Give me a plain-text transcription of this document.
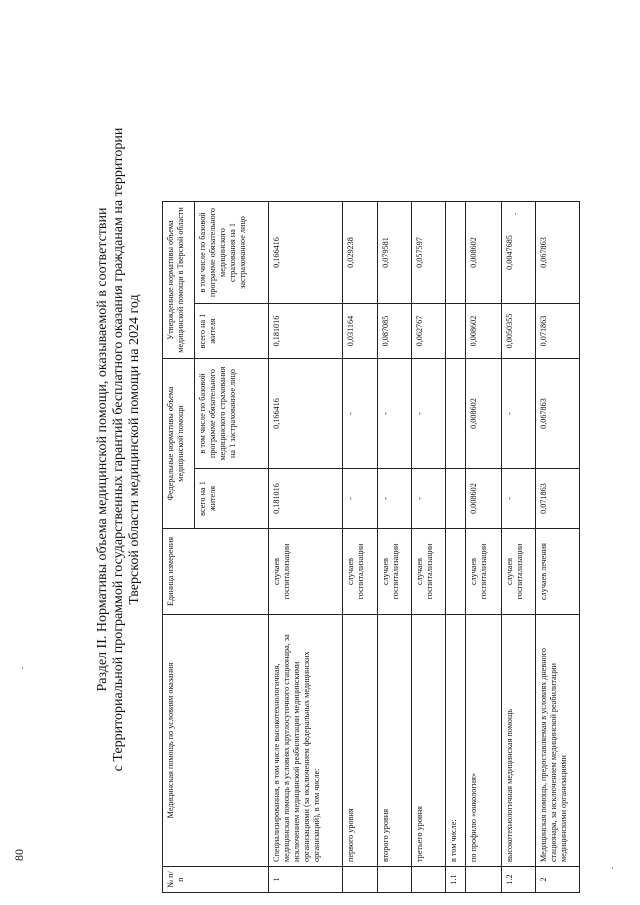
80
Раздел II. Нормативы объема медицинской помощи, оказываемой в соответствии с Территориальной программой государственных гарантий бесплатного оказания гражданам на территории Тверской области медицинской помощи на 2024 год
№ п/п	Медицинская помощь по условиям оказания	Единица измерения	Федеральные нормативы объема медицинской помощи		Утвержденные нормативы объема медицинской помощи в Тверской области	
			всего на 1 жителя	в том числе по базовой программе обязательного медицинского страхования на 1 застрахованное лицо	всего на 1 жителя	в том числе по базовой программе обязательного медицинского страхования на 1 застрахованное лицо
1	Специализированная, в том числе высокотехнологичная, медицинская помощь в условиях круглосуточного стационара, за исключением медицинской реабилитации медицинскими организациями (за исключением федеральных медицинских организаций), в том числе:	случаев госпитализации	0,181016	0,166416	0,181016	0,166416
	первого уровня	случаев госпитализации	-	-	0,031164	0,029238
	второго уровня	случаев госпитализации	-	-	0,087085	0,079581
	третьего уровня	случаев госпитализации	-	-	0,062767	0,057597
1.1	в том числе:					
	по профилю «онкология»	случаев госпитализации	0,008602	0,008602	0,008602	0,008602
1.2	высокотехнологичная медицинская помощь	случаев госпитализации	-	-	0,0050355	0,0047685
2	Медицинская помощь, предоставляемая в условиях дневного стационара, за исключением медицинской реабилитации медицинскими организациями	случаев лечения	0,071863	0,067863	0,071863	0,067863
